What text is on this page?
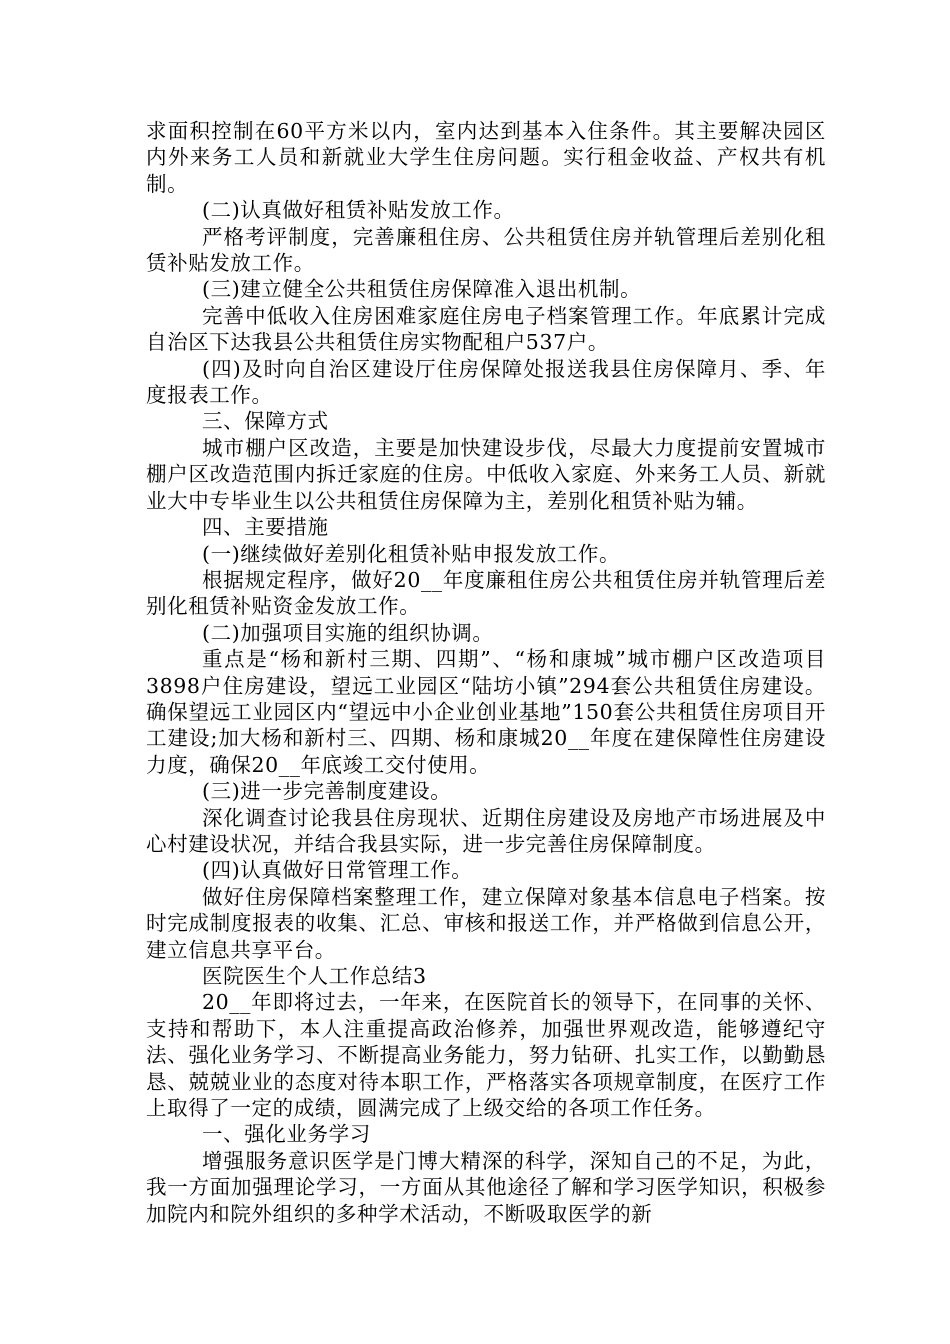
求面积控制在60平方米以内，室内达到基本入住条件。其主要解决园区内外来务工人员和新就业大学生住房问题。实行租金收益、产权共有机制。

(二)认真做好租赁补贴发放工作。

严格考评制度，完善廉租住房、公共租赁住房并轨管理后差别化租赁补贴发放工作。

(三)建立健全公共租赁住房保障准入退出机制。

完善中低收入住房困难家庭住房电子档案管理工作。年底累计完成自治区下达我县公共租赁住房实物配租户537户。

(四)及时向自治区建设厅住房保障处报送我县住房保障月、季、年度报表工作。

三、保障方式

城市棚户区改造，主要是加快建设步伐，尽最大力度提前安置城市棚户区改造范围内拆迁家庭的住房。中低收入家庭、外来务工人员、新就业大中专毕业生以公共租赁住房保障为主，差别化租赁补贴为辅。

四、主要措施

(一)继续做好差别化租赁补贴申报发放工作。

根据规定程序，做好20__年度廉租住房公共租赁住房并轨管理后差别化租赁补贴资金发放工作。

(二)加强项目实施的组织协调。

重点是“杨和新村三期、四期”、“杨和康城”城市棚户区改造项目3898户住房建设，望远工业园区“陆坊小镇”294套公共租赁住房建设。确保望远工业园区内“望远中小企业创业基地”150套公共租赁住房项目开工建设;加大杨和新村三、四期、杨和康城20__年度在建保障性住房建设力度，确保20__年底竣工交付使用。

(三)进一步完善制度建设。

深化调查讨论我县住房现状、近期住房建设及房地产市场进展及中心村建设状况，并结合我县实际，进一步完善住房保障制度。

(四)认真做好日常管理工作。

做好住房保障档案整理工作，建立保障对象基本信息电子档案。按时完成制度报表的收集、汇总、审核和报送工作，并严格做到信息公开，建立信息共享平台。

医院医生个人工作总结3

20__年即将过去，一年来，在医院首长的领导下，在同事的关怀、支持和帮助下，本人注重提高政治修养，加强世界观改造，能够遵纪守法、强化业务学习、不断提高业务能力，努力钻研、扎实工作，以勤勤恳恳、兢兢业业的态度对待本职工作，严格落实各项规章制度，在医疗工作上取得了一定的成绩，圆满完成了上级交给的各项工作任务。

一、强化业务学习

增强服务意识医学是门博大精深的科学，深知自己的不足，为此，我一方面加强理论学习，一方面从其他途径了解和学习医学知识，积极参加院内和院外组织的多种学术活动，不断吸取医学的新
